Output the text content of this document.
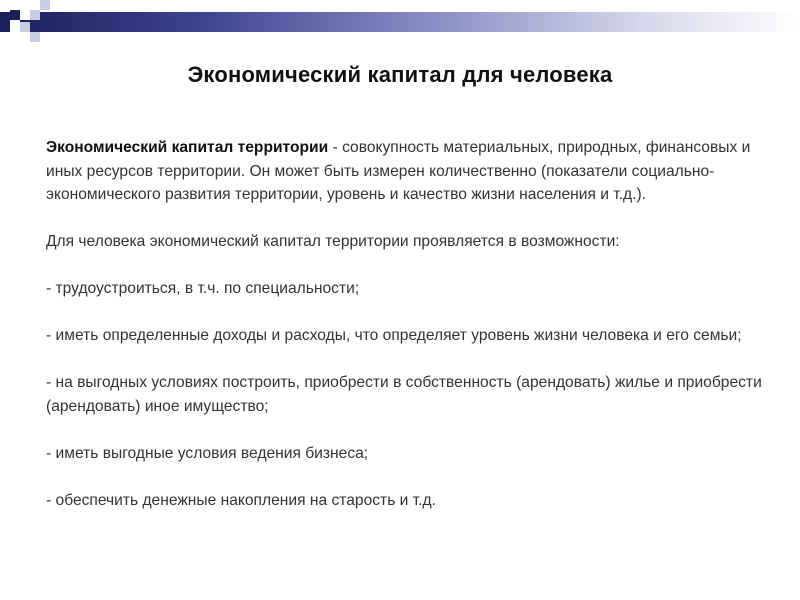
Экономический капитал для человека

Экономический капитал территории - совокупность материальных, природных, финансовых и иных ресурсов территории. Он может быть измерен количественно (показатели социально-экономического развития территории, уровень и качество жизни населения и т.д.).

Для человека экономический капитал территории проявляется в возможности:

- трудоустроиться, в т.ч. по специальности;

- иметь определенные доходы и расходы, что определяет уровень жизни человека и его семьи;

- на выгодных условиях построить, приобрести в собственность (арендовать) жилье и приобрести (арендовать) иное имущество;

- иметь выгодные условия ведения бизнеса;

- обеспечить денежные накопления на старость и т.д.
